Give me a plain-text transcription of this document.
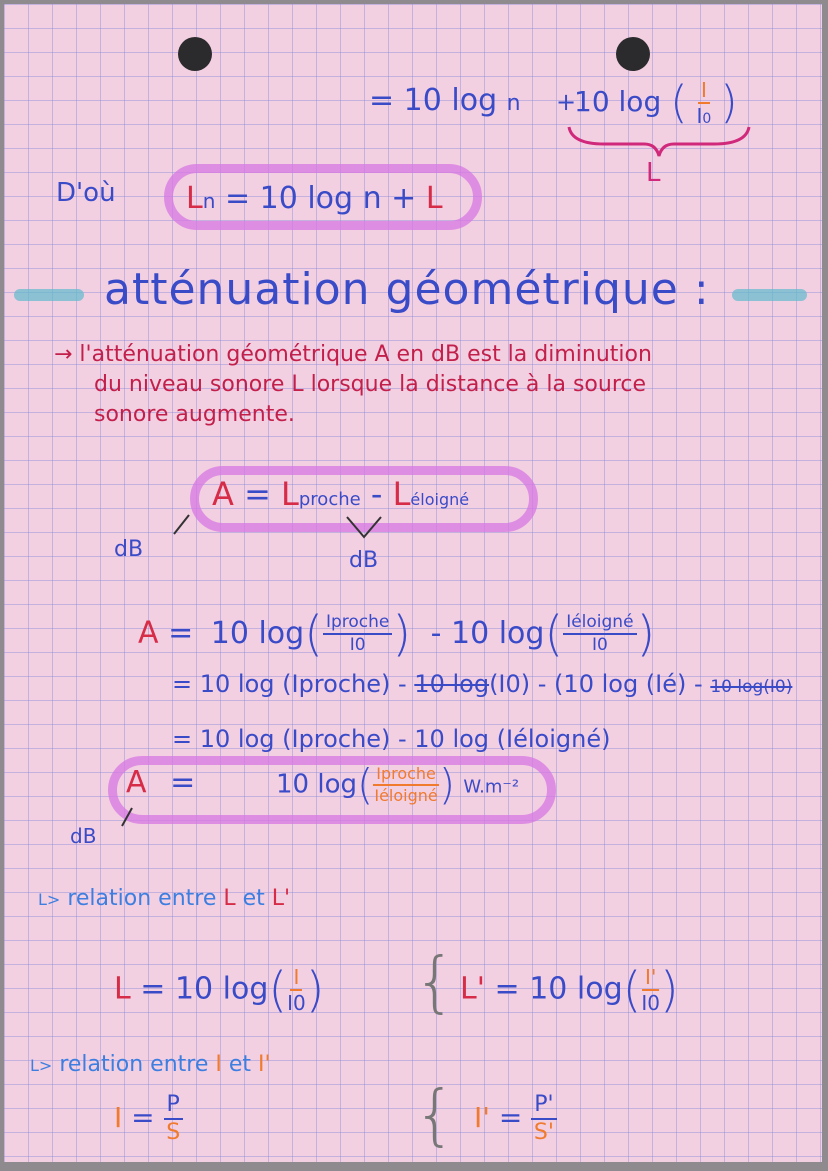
= 10 log n +
10 log ( $\frac{I}{I0}$ )
L
D'où Ln = 10 log n + L
atténuation géométrique :
→ l'atténuation géométrique A en dB est la diminution
du niveau sonore L lorsque la distance à la source
sonore augmente.
A = Lproche - Léloigné
dB	dB
A = 10 $\log( \frac{\text{Iproche}}{I0}$ ) - 10 $\log( \frac{\text{Iéloigné}}{I0}$ )
= 10 log (Iproche) - 10 log(I0) - (10 log (Ié) - 10 log(I0)
= 10 log (Iproche) - 10 log (Iéloigné)
A =	10 $\log( \frac{\text{Iproche}}{\text{Iéloigné}}$ ) W.m⁻²
dB
L> relation entre L et L'
L = 10 $\log( \frac{I}{I0}$ ) { L' = 10 $\log( \frac{I'}{I0}$ )
L> relation entre I et I'
$I = \frac{P}{S}$	{ $I' = \frac{P'}{S'}$
